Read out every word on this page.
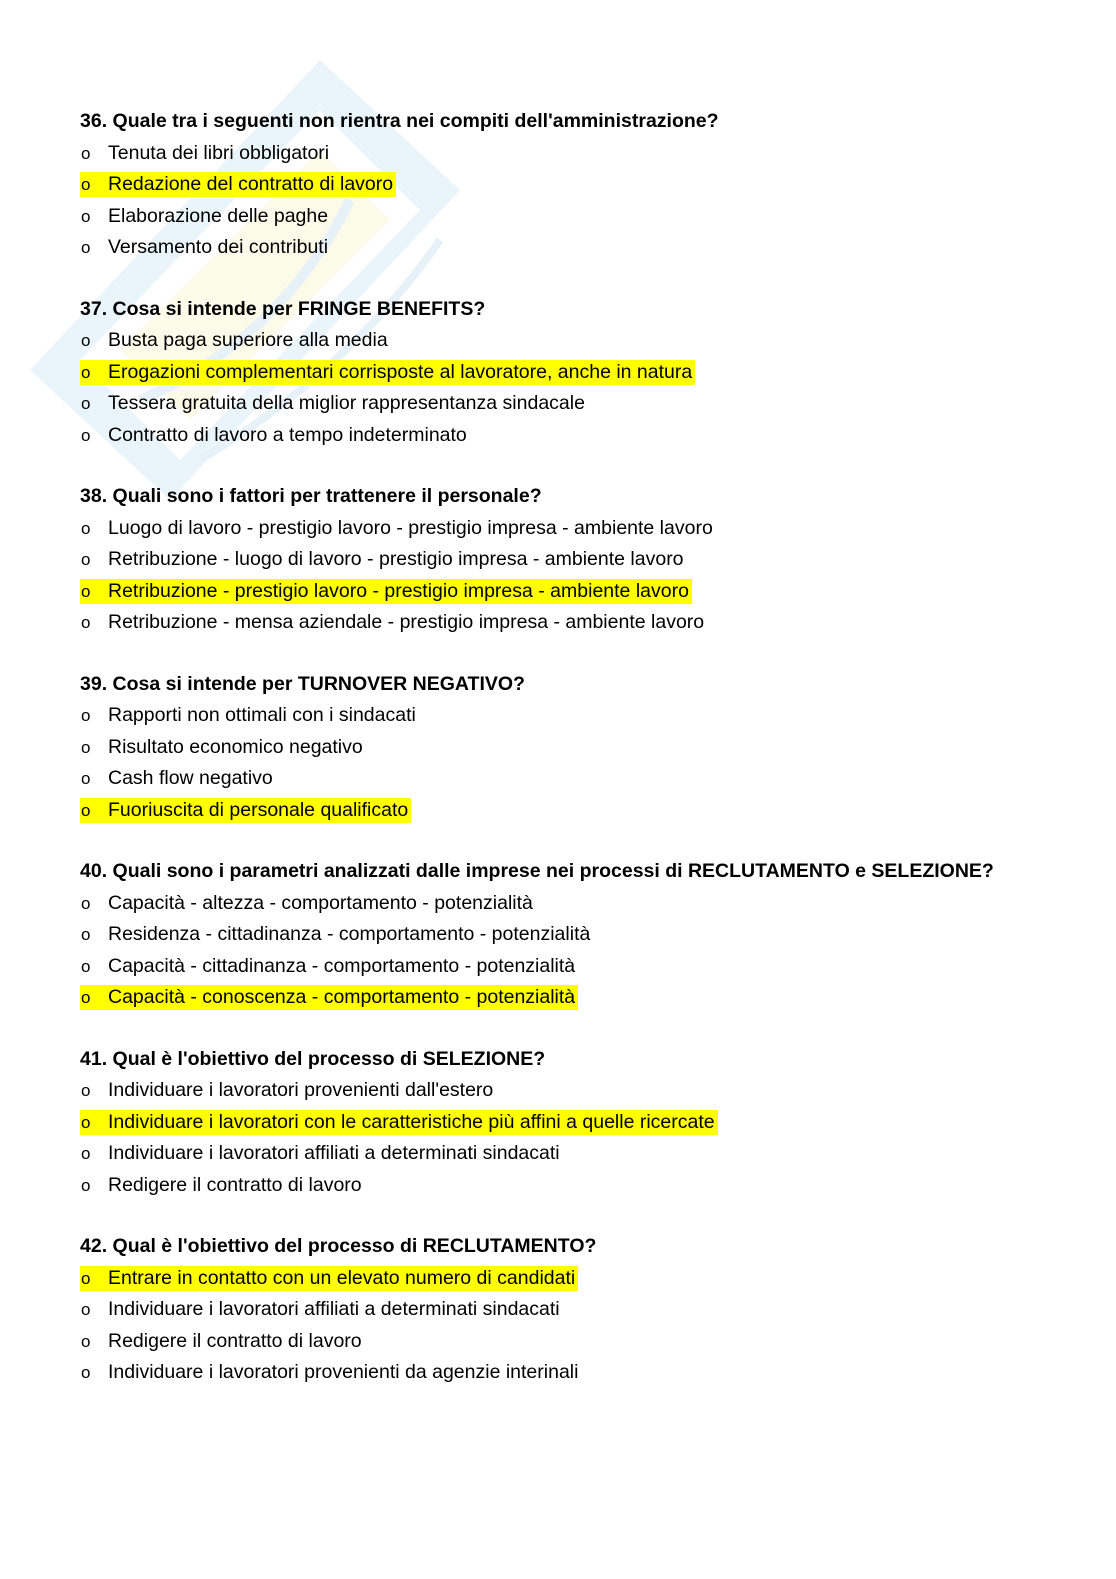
36. Quale tra i seguenti non rientra nei compiti dell'amministrazione?
o Tenuta dei libri obbligatori
o Redazione del contratto di lavoro
o Elaborazione delle paghe
o Versamento dei contributi
37. Cosa si intende per FRINGE BENEFITS?
o Busta paga superiore alla media
o Erogazioni complementari corrisposte al lavoratore, anche in natura
o Tessera gratuita della miglior rappresentanza sindacale
o Contratto di lavoro a tempo indeterminato
38. Quali sono i fattori per trattenere il personale?
o Luogo di lavoro - prestigio lavoro - prestigio impresa - ambiente lavoro
o Retribuzione - luogo di lavoro - prestigio impresa - ambiente lavoro
o Retribuzione - prestigio lavoro - prestigio impresa - ambiente lavoro
o Retribuzione - mensa aziendale - prestigio impresa - ambiente lavoro
39. Cosa si intende per TURNOVER NEGATIVO?
o Rapporti non ottimali con i sindacati
o Risultato economico negativo
o Cash flow negativo
o Fuoriuscita di personale qualificato
40. Quali sono i parametri analizzati dalle imprese nei processi di RECLUTAMENTO e SELEZIONE?
o Capacità - altezza - comportamento - potenzialità
o Residenza - cittadinanza - comportamento - potenzialità
o Capacità - cittadinanza - comportamento - potenzialità
o Capacità - conoscenza - comportamento - potenzialità
41. Qual è l'obiettivo del processo di SELEZIONE?
o Individuare i lavoratori provenienti dall'estero
o Individuare i lavoratori con le caratteristiche più affini a quelle ricercate
o Individuare i lavoratori affiliati a determinati sindacati
o Redigere il contratto di lavoro
42. Qual è l'obiettivo del processo di RECLUTAMENTO?
o Entrare in contatto con un elevato numero di candidati
o Individuare i lavoratori affiliati a determinati sindacati
o Redigere il contratto di lavoro
o Individuare i lavoratori provenienti da agenzie interinali
